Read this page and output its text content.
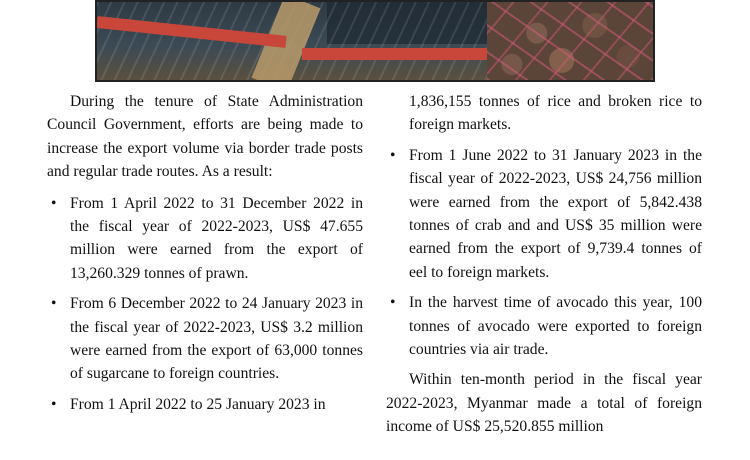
During the tenure of State Administration Council Government, efforts are being made to increase the export volume via border trade posts and regular trade routes. As a result:

• From 1 April 2022 to 31 December 2022 in the fiscal year of 2022-2023, US$ 47.655 million were earned from the export of 13,260.329 tonnes of prawn.
• From 6 December 2022 to 24 January 2023 in the fiscal year of 2022-2023, US$ 3.2 million were earned from the export of 63,000 tonnes of sugarcane to foreign countries.
• From 1 April 2022 to 25 January 2023 in
1,836,155 tonnes of rice and broken rice to foreign markets.
• From 1 June 2022 to 31 January 2023 in the fiscal year of 2022-2023, US$ 24,756 million were earned from the export of 5,842.438 tonnes of crab and and US$ 35 million were earned from the export of 9,739.4 tonnes of eel to foreign markets.
• In the harvest time of avocado this year, 100 tonnes of avocado were exported to foreign countries via air trade.

Within ten-month period in the fiscal year 2022-2023, Myanmar made a total of foreign income of US$ 25,520.855 million
